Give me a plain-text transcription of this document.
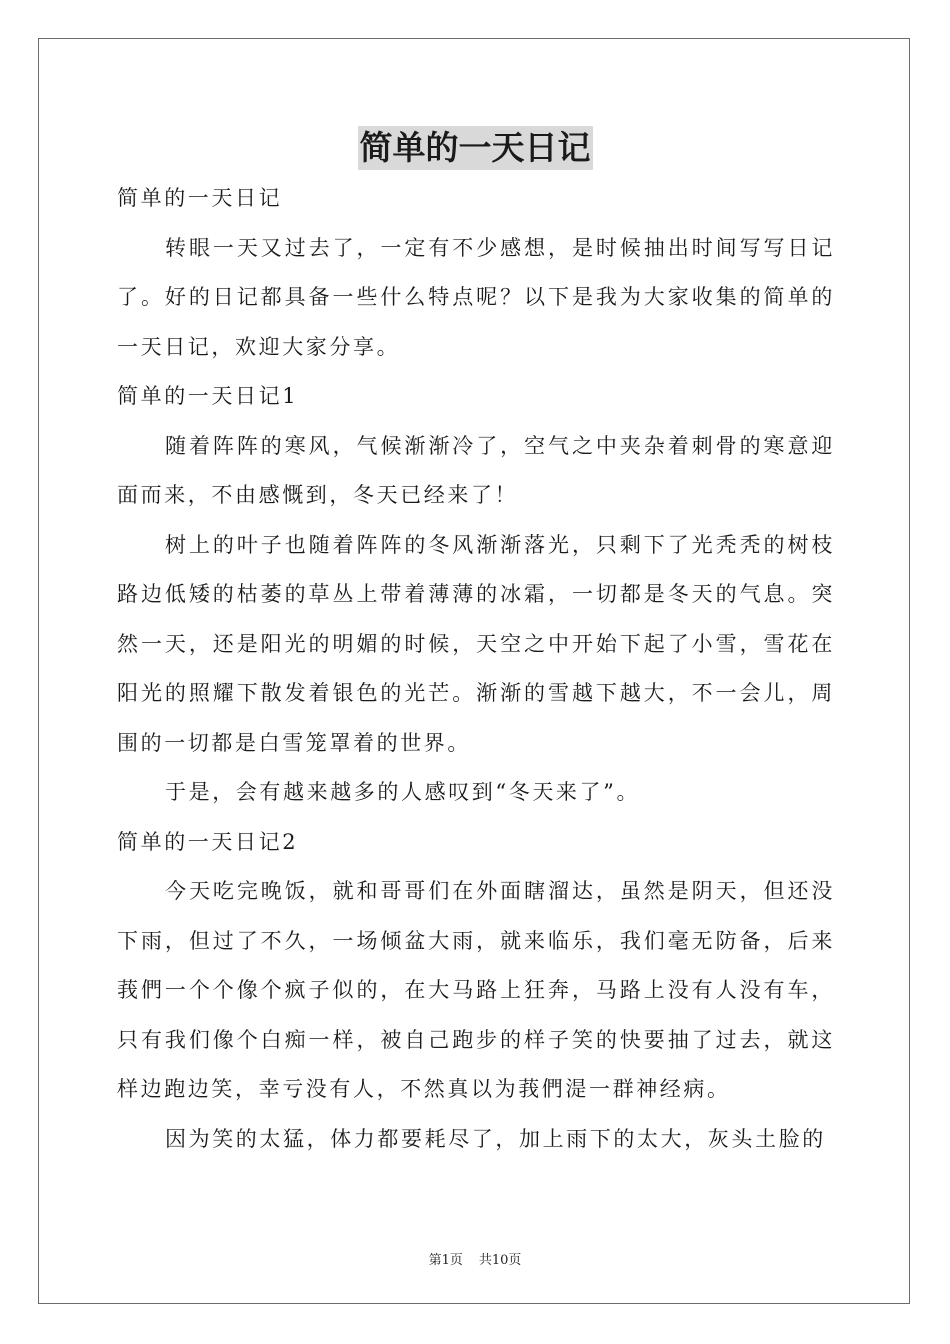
简单的一天日记

简单的一天日记

转眼一天又过去了，一定有不少感想，是时候抽出时间写写日记了。好的日记都具备一些什么特点呢？以下是我为大家收集的简单的一天日记，欢迎大家分享。

简单的一天日记1

随着阵阵的寒风，气候渐渐冷了，空气之中夹杂着刺骨的寒意迎面而来，不由感慨到，冬天已经来了！

树上的叶子也随着阵阵的冬风渐渐落光，只剩下了光秃秃的树枝路边低矮的枯萎的草丛上带着薄薄的冰霜，一切都是冬天的气息。突然一天，还是阳光的明媚的时候，天空之中开始下起了小雪，雪花在阳光的照耀下散发着银色的光芒。渐渐的雪越下越大，不一会儿，周围的一切都是白雪笼罩着的世界。

于是，会有越来越多的人感叹到“冬天来了”。

简单的一天日记2

今天吃完晚饭，就和哥哥们在外面瞎溜达，虽然是阴天，但还没下雨，但过了不久，一场倾盆大雨，就来临乐，我们毫无防备，后来莪們一个个像个疯子似的，在大马路上狂奔，马路上没有人没有车，只有我们像个白痴一样，被自己跑步的样子笑的快要抽了过去，就这样边跑边笑，幸亏没有人，不然真以为莪們湜一群神经病。

因为笑的太猛，体力都要耗尽了，加上雨下的太大，灰头土脸的

第1页 共10页
